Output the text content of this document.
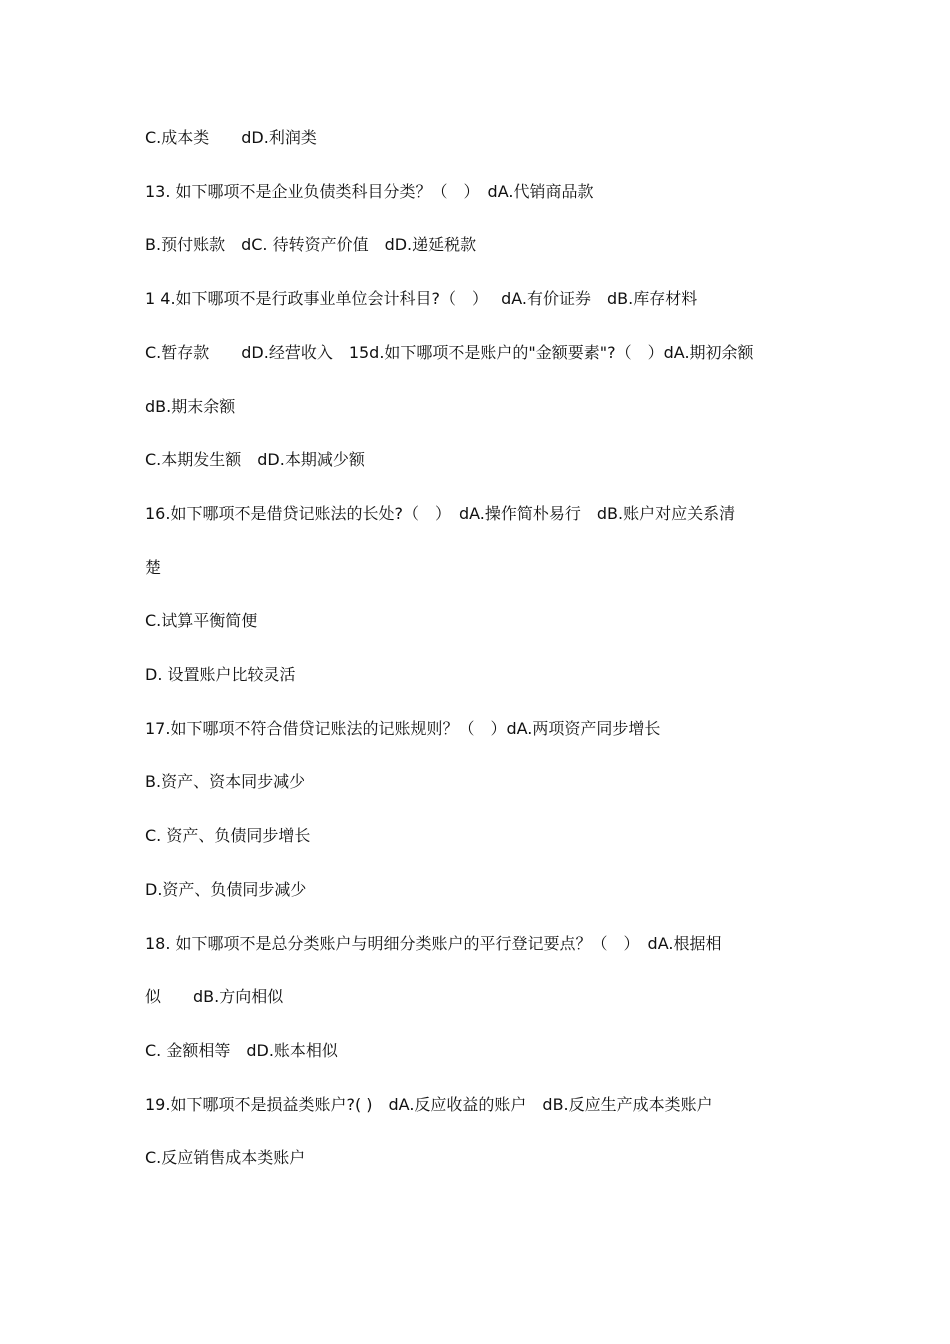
C.成本类　　ⅾD.利润类
13. 如下哪项不是企业负债类科目分类？（　）　ⅾA.代销商品款
B.预付账款　ⅾC. 待转资产价值　ⅾD.递延税款
1 4.如下哪项不是行政事业单位会计科目?（　）　 ⅾA.有价证券　ⅾB.库存材料
C.暂存款　　ⅾD.经营收入　15ⅾ.如下哪项不是账户的"金额要素"?（　）ⅾA.期初余额
ⅾB.期末余额
C.本期发生额　ⅾD.本期减少额
16.如下哪项不是借贷记账法的长处?（　）　ⅾA.操作简朴易行　ⅾB.账户对应关系清
楚
C.试算平衡简便
D. 设置账户比较灵活
17.如下哪项不符合借贷记账法的记账规则？（　）ⅾA.两项资产同步增长
B.资产、资本同步减少
C. 资产、负债同步增长
D.资产、负债同步减少
18. 如下哪项不是总分类账户与明细分类账户的平行登记要点？（　）　ⅾA.根据相
似　　ⅾB.方向相似
C. 金额相等　ⅾD.账本相似
19.如下哪项不是损益类账户?( )　ⅾA.反应收益的账户　ⅾB.反应生产成本类账户
C.反应销售成本类账户
